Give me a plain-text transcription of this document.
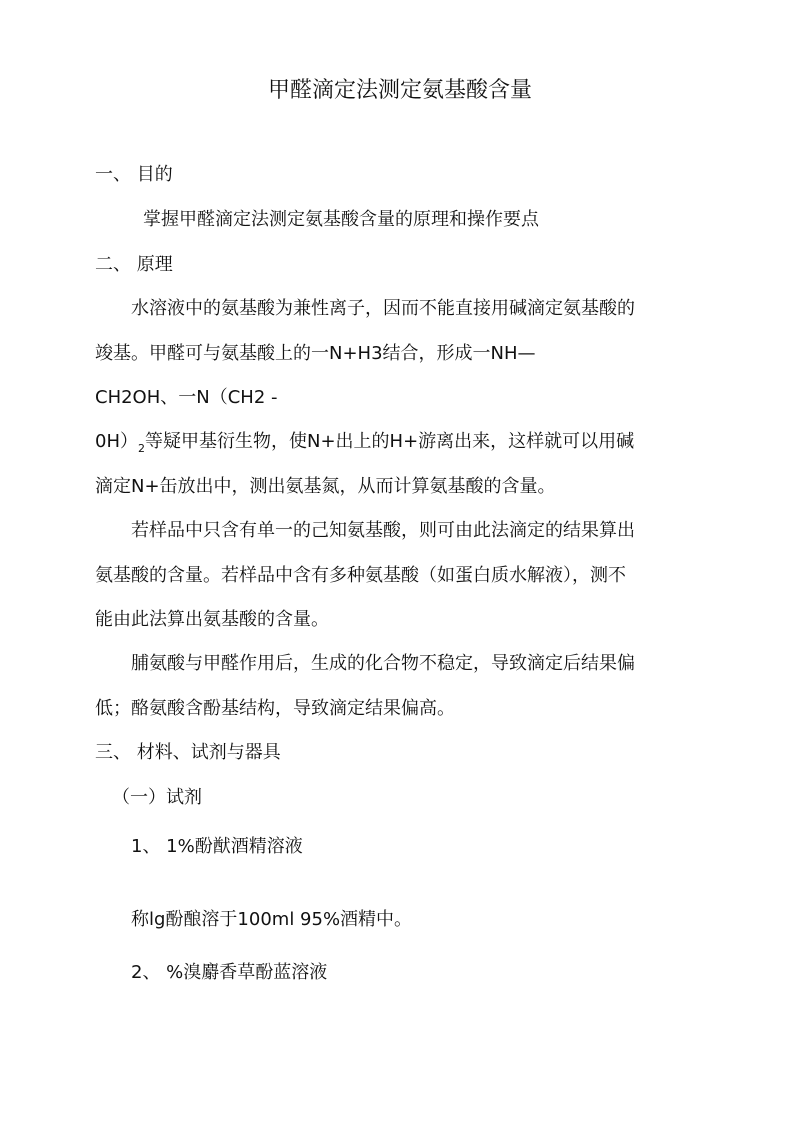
甲醛滴定法测定氨基酸含量
一、 目的
掌握甲醛滴定法测定氨基酸含量的原理和操作要点
二、 原理
水溶液中的氨基酸为兼性离子，因而不能直接用碱滴定氨基酸的
竣基。甲醛可与氨基酸上的一N+H3结合，形成一NH—
CH2OH、一N（CH2 -
$0H)_2$等疑甲基衍生物，使N+出上的H+游离出来，这样就可以用碱
滴定N+缶放出中，测出氨基氮，从而计算氨基酸的含量。
若样品中只含有单一的己知氨基酸，则可由此法滴定的结果算出
氨基酸的含量。若样品中含有多种氨基酸（如蛋白质水解液），测不
能由此法算出氨基酸的含量。
脯氨酸与甲醛作用后，生成的化合物不稳定，导致滴定后结果偏
低；酪氨酸含酚基结构，导致滴定结果偏高。
三、 材料、试剂与器具
（一）试剂
1、 1%酚猷酒精溶液
称lg酚酿溶于100ml 95%酒精中。
2、 %溴麝香草酚蓝溶液
